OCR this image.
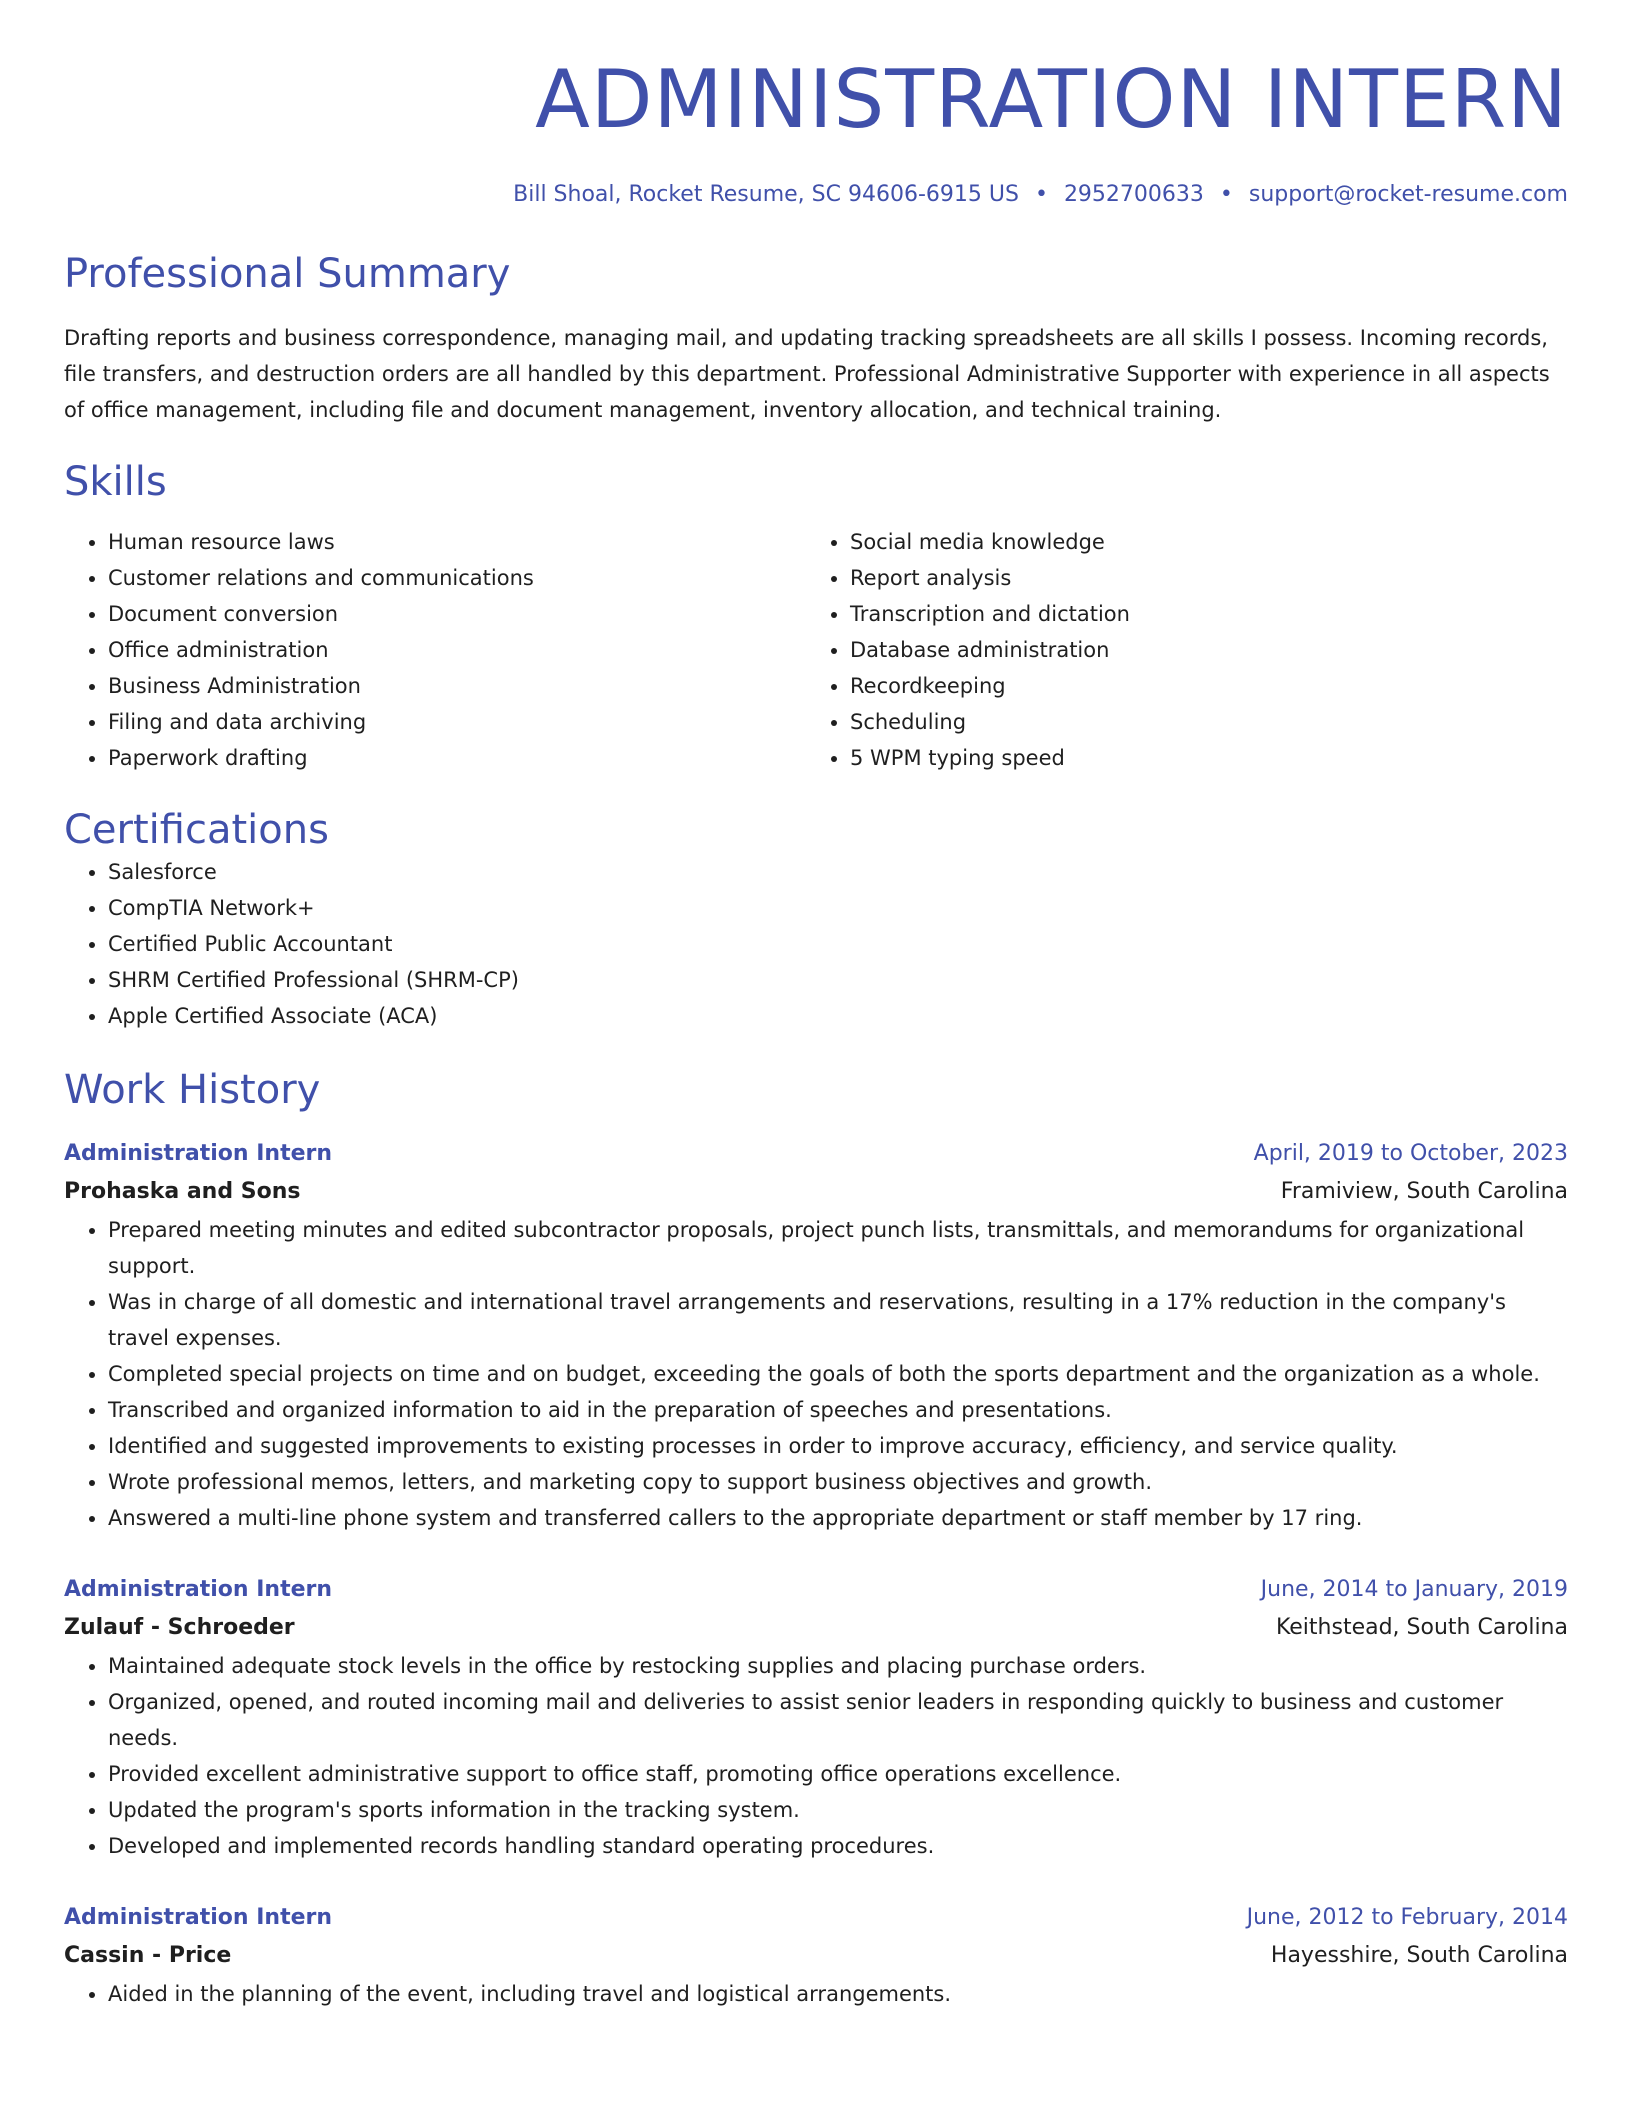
ADMINISTRATION INTERN
Bill Shoal, Rocket Resume, SC 94606-6915 US • 2952700633 • support@rocket-resume.com
Professional Summary
Drafting reports and business correspondence, managing mail, and updating tracking spreadsheets are all skills I possess. Incoming records, file transfers, and destruction orders are all handled by this department. Professional Administrative Supporter with experience in all aspects of office management, including file and document management, inventory allocation, and technical training.
Skills
• Human resource laws
• Customer relations and communications
• Document conversion
• Office administration
• Business Administration
• Filing and data archiving
• Paperwork drafting
• Social media knowledge
• Report analysis
• Transcription and dictation
• Database administration
• Recordkeeping
• Scheduling
• 5 WPM typing speed
Certifications
• Salesforce
• CompTIA Network+
• Certified Public Accountant
• SHRM Certified Professional (SHRM-CP)
• Apple Certified Associate (ACA)
Work History
Administration Intern	April, 2019 to October, 2023
Prohaska and Sons	Framiview, South Carolina
• Prepared meeting minutes and edited subcontractor proposals, project punch lists, transmittals, and memorandums for organizational support.
• Was in charge of all domestic and international travel arrangements and reservations, resulting in a 17% reduction in the company's travel expenses.
• Completed special projects on time and on budget, exceeding the goals of both the sports department and the organization as a whole.
• Transcribed and organized information to aid in the preparation of speeches and presentations.
• Identified and suggested improvements to existing processes in order to improve accuracy, efficiency, and service quality.
• Wrote professional memos, letters, and marketing copy to support business objectives and growth.
• Answered a multi-line phone system and transferred callers to the appropriate department or staff member by 17 ring.
Administration Intern	June, 2014 to January, 2019
Zulauf - Schroeder	Keithstead, South Carolina
• Maintained adequate stock levels in the office by restocking supplies and placing purchase orders.
• Organized, opened, and routed incoming mail and deliveries to assist senior leaders in responding quickly to business and customer needs.
• Provided excellent administrative support to office staff, promoting office operations excellence.
• Updated the program's sports information in the tracking system.
• Developed and implemented records handling standard operating procedures.
Administration Intern	June, 2012 to February, 2014
Cassin - Price	Hayesshire, South Carolina
• Aided in the planning of the event, including travel and logistical arrangements.
